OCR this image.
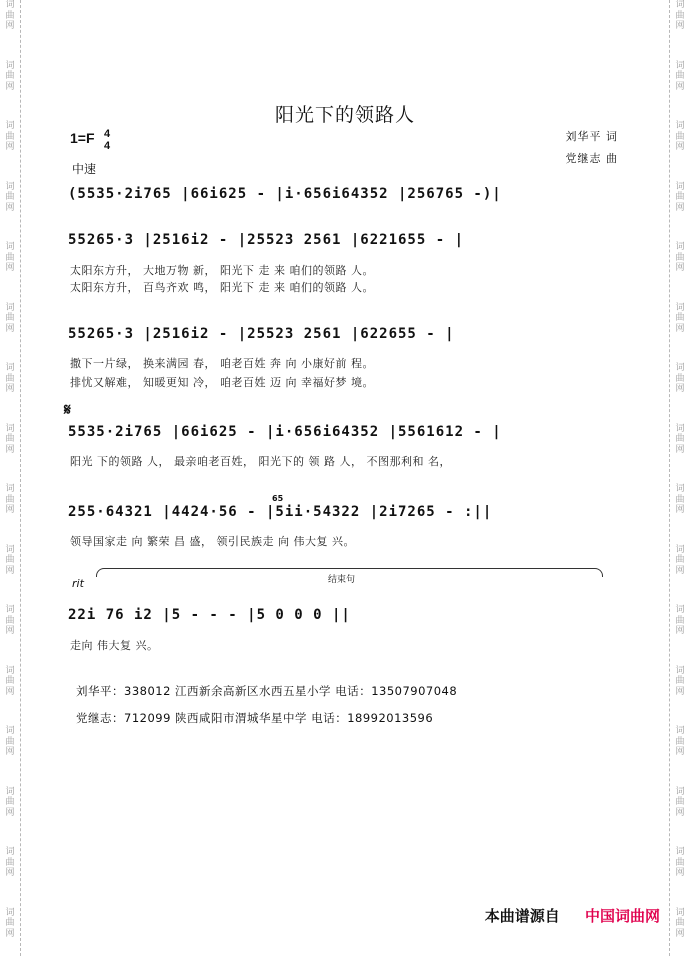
词
曲
网
词
曲
网
词
曲
网
词
曲
网
词
曲
网
词
曲
网
词
曲
网
词
曲
网
词
曲
网
词
曲
网
词
曲
网
词
曲
网
词
曲
网
词
曲
网
词
曲
网
词
曲
网
词
曲
网
词
曲
网
词
曲
网
词
曲
网
词
曲
网
词
曲
网
词
曲
网
词
曲
网
词
曲
网
词
曲
网
词
曲
网
词
曲
网
词
曲
网
词
曲
网
词
曲
网
词
曲
网
阳光下的领路人
1=F 4
4
中速
刘华平 词
党继志 曲
(5535·2i765 |66i625 - |i·656i64352 |256765 -)|
55265·3 |2516i2 - |25523 2561 |6221655 - |
太阳东方升， 大地万物 新， 阳光下 走 来 咱们的领路 人。
太阳东方升， 百鸟齐欢 鸣， 阳光下 走 来 咱们的领路 人。
55265·3 |2516i2 - |25523 2561 |622655 - |
撒下一片绿， 换来满园 春， 咱老百姓 奔 向 小康好前 程。
排忧又解难， 知暖更知 冷， 咱老百姓 迈 向 幸福好梦 境。
𝄋
5535·2i765 |66i625 - |i·656i64352 |5561612 - |
阳光 下的领路 人， 最亲咱老百姓， 阳光下的 领 路 人， 不图那利和 名，
65
255·64321 |4424·56 - |5ii·54322 |2i7265 - :||
领导国家走 向 繁荣 昌 盛， 领引民族走 向 伟大复 兴。
结束句
rit
22i 76 i2 |5 - - - |5 0 0 0 ||
走向 伟大复 兴。
刘华平：338012 江西新余高新区水西五星小学 电话：13507907048
党继志：712099 陕西咸阳市渭城华星中学 电话：18992013596
本曲谱源自 中国词曲网
